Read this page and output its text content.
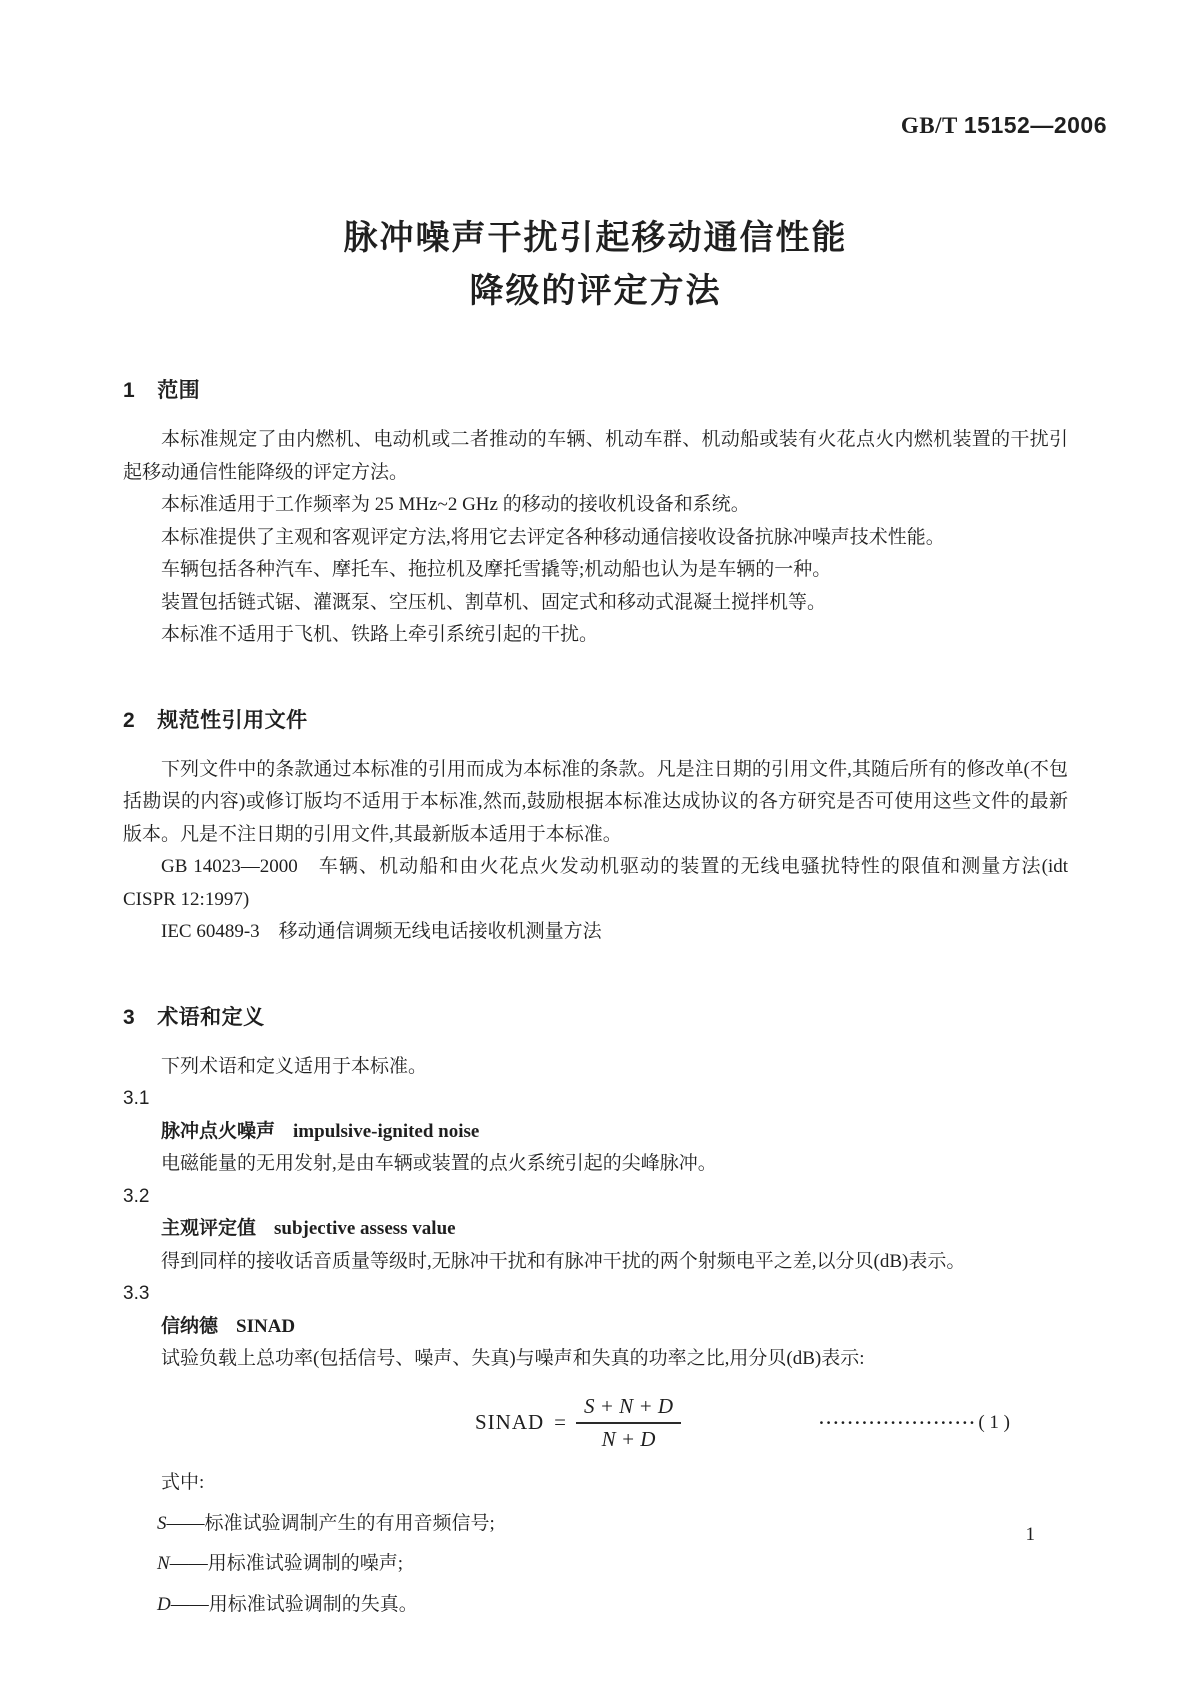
GB/T 15152—2006
脉冲噪声干扰引起移动通信性能
降级的评定方法
1 范围

本标准规定了由内燃机、电动机或二者推动的车辆、机动车群、机动船或装有火花点火内燃机装置的干扰引起移动通信性能降级的评定方法。

本标准适用于工作频率为 25 MHz~2 GHz 的移动的接收机设备和系统。

本标准提供了主观和客观评定方法,将用它去评定各种移动通信接收设备抗脉冲噪声技术性能。

车辆包括各种汽车、摩托车、拖拉机及摩托雪撬等;机动船也认为是车辆的一种。

装置包括链式锯、灌溉泵、空压机、割草机、固定式和移动式混凝土搅拌机等。

本标准不适用于飞机、铁路上牵引系统引起的干扰。

2 规范性引用文件

下列文件中的条款通过本标准的引用而成为本标准的条款。凡是注日期的引用文件,其随后所有的修改单(不包括勘误的内容)或修订版均不适用于本标准,然而,鼓励根据本标准达成协议的各方研究是否可使用这些文件的最新版本。凡是不注日期的引用文件,其最新版本适用于本标准。

GB 14023—2000　车辆、机动船和由火花点火发动机驱动的装置的无线电骚扰特性的限值和测量方法(idt CISPR 12:1997)

IEC 60489-3　移动通信调频无线电话接收机测量方法

3 术语和定义

下列术语和定义适用于本标准。

3.1

脉冲点火噪声 impulsive-ignited noise

电磁能量的无用发射,是由车辆或装置的点火系统引起的尖峰脉冲。

3.2

主观评定值 subjective assess value

得到同样的接收话音质量等级时,无脉冲干扰和有脉冲干扰的两个射频电平之差,以分贝(dB)表示。

3.3

信纳德 SINAD

试验负载上总功率(包括信号、噪声、失真)与噪声和失真的功率之比,用分贝(dB)表示:

SINAD = $\frac{S + N + D}{N + D}$	······················ ( 1 )

式中:

S——标准试验调制产生的有用音频信号;

N——用标准试验调制的噪声;

D——用标准试验调制的失真。

1
